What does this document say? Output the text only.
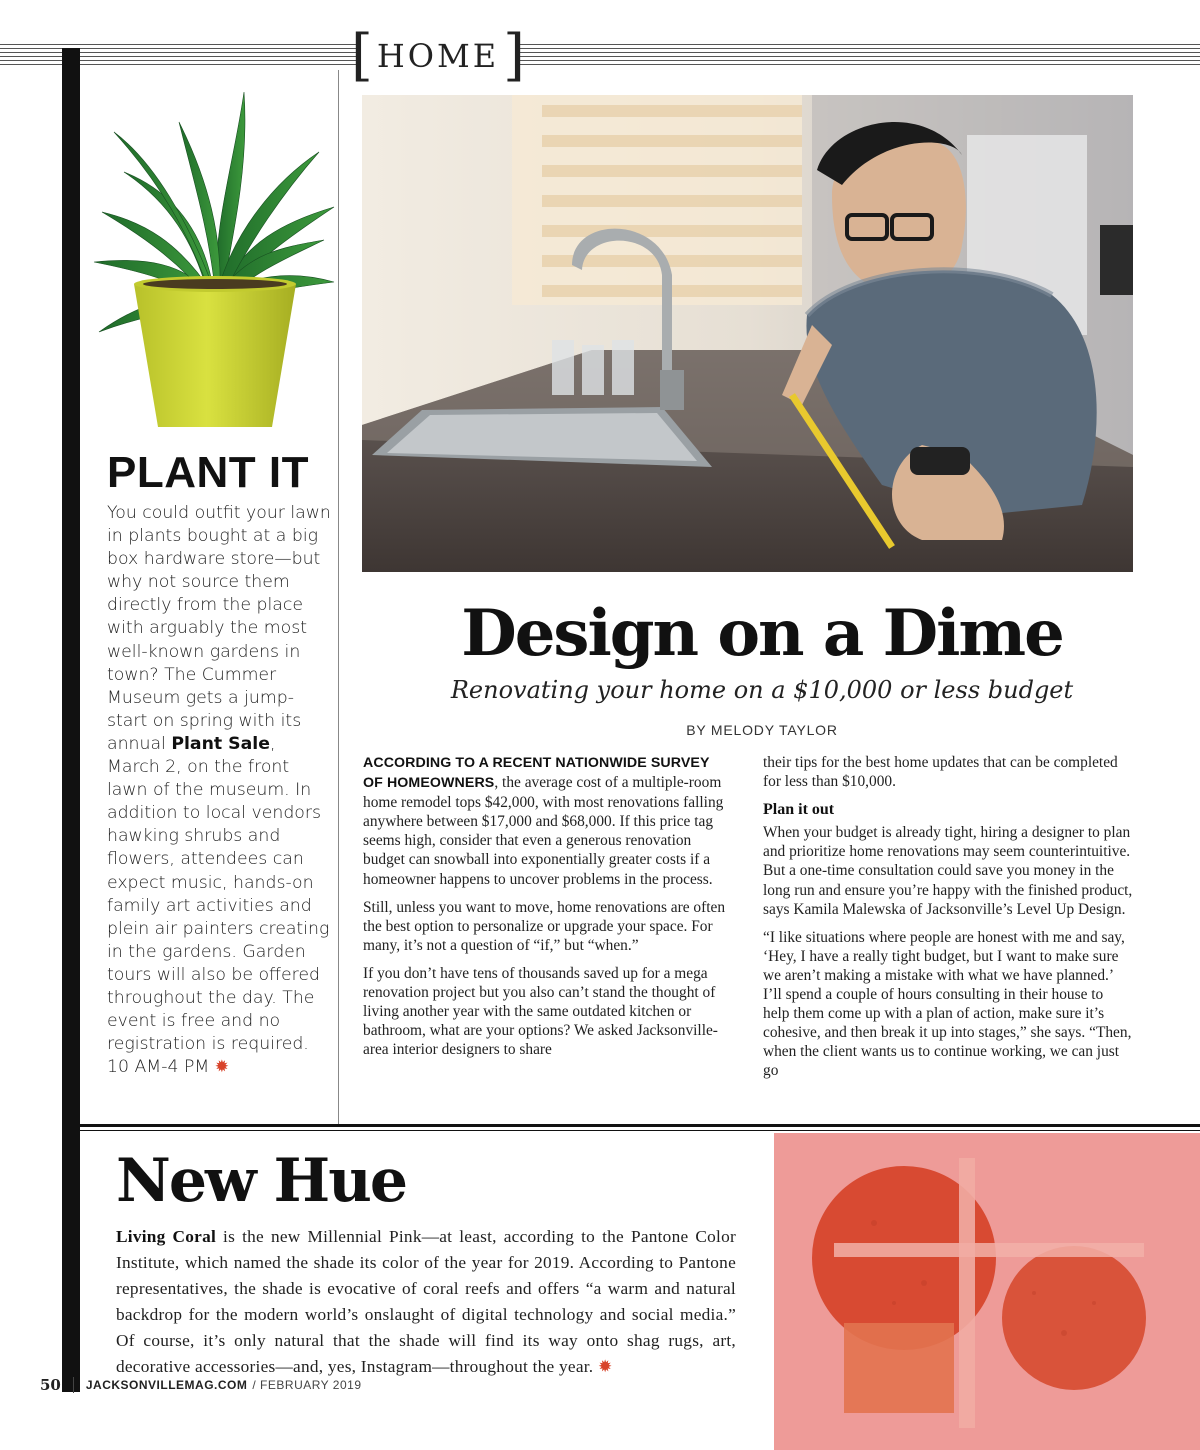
[ HOME ]
PLANT IT
You could outfit your lawn in plants bought at a big box hardware store—but why not source them directly from the place with arguably the most well-known gardens in town? The Cummer Museum gets a jump-start on spring with its annual Plant Sale, March 2, on the front lawn of the museum. In addition to local vendors hawking shrubs and flowers, attendees can expect music, hands-on family art activities and plein air painters creating in the gardens. Garden tours will also be offered throughout the day. The event is free and no registration is required. 10 AM-4 PM ✹
Design on a Dime
Renovating your home on a $10,000 or less budget
BY MELODY TAYLOR

ACCORDING TO A RECENT NATIONWIDE SURVEY OF HOMEOWNERS, the average cost of a multiple-room home remodel tops $42,000, with most renovations falling anywhere between $17,000 and $68,000. If this price tag seems high, consider that even a generous renovation budget can snowball into exponentially greater costs if a homeowner happens to uncover problems in the process.

Still, unless you want to move, home renovations are often the best option to personalize or upgrade your space. For many, it’s not a question of “if,” but “when.”

If you don’t have tens of thousands saved up for a mega renovation project but you also can’t stand the thought of living another year with the same outdated kitchen or bathroom, what are your options? We asked Jacksonville-area interior designers to share

their tips for the best home updates that can be completed for less than $10,000.

Plan it out

When your budget is already tight, hiring a designer to plan and prioritize home renovations may seem counterintuitive. But a one-time consultation could save you money in the long run and ensure you’re happy with the finished product, says Kamila Malewska of Jacksonville’s Level Up Design.

“I like situations where people are honest with me and say, ‘Hey, I have a really tight budget, but I want to make sure we aren’t making a mistake with what we have planned.’ I’ll spend a couple of hours consulting in their house to help them come up with a plan of action, make sure it’s cohesive, and then break it up into stages,” she says. “Then, when the client wants us to continue working, we can just go

New Hue
Living Coral is the new Millennial Pink—at least, according to the Pantone Color Institute, which named the shade its color of the year for 2019. According to Pantone representatives, the shade is evocative of coral reefs and offers “a warm and natural backdrop for the modern world’s onslaught of digital technology and social media.” Of course, it’s only natural that the shade will find its way onto shag rugs, art, decorative accessories—and, yes, Instagram—throughout the year. ✹
50 JACKSONVILLEMAG.COM / FEBRUARY 2019
